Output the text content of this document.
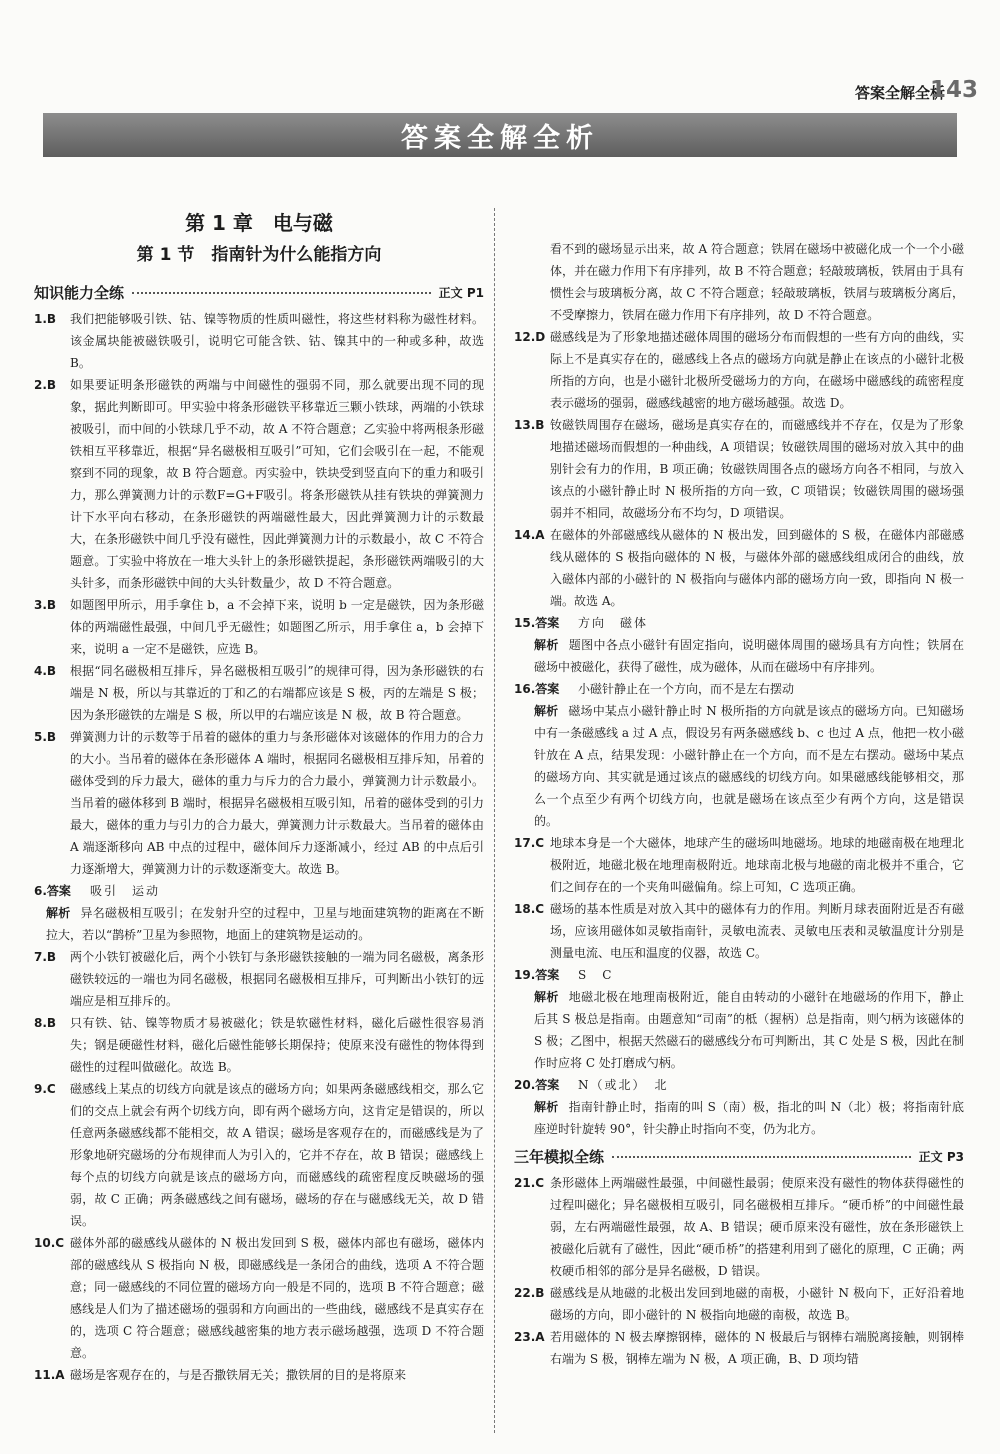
答案全解全析
143
答案全解全析
第 1 章　电与磁
第 1 节　指南针为什么能指方向
知识能力全练	正文 P1
1.B	我们把能够吸引铁、钴、镍等物质的性质叫磁性，将这些材料称为磁性材料。该金属块能被磁铁吸引，说明它可能含铁、钴、镍其中的一种或多种，故选 B。
2.B	如果要证明条形磁铁的两端与中间磁性的强弱不同，那么就要出现不同的现象，据此判断即可。甲实验中将条形磁铁平移靠近三颗小铁球，两端的小铁球被吸引，而中间的小铁球几乎不动，故 A 不符合题意；乙实验中将两根条形磁铁相互平移靠近，根据“异名磁极相互吸引”可知，它们会吸引在一起，不能观察到不同的现象，故 B 符合题意。丙实验中，铁块受到竖直向下的重力和吸引力，那么弹簧测力计的示数F=G+F吸引。将条形磁铁从挂有铁块的弹簧测力计下水平向右移动，在条形磁铁的两端磁性最大，因此弹簧测力计的示数最大，在条形磁铁中间几乎没有磁性，因此弹簧测力计的示数最小，故 C 不符合题意。丁实验中将放在一堆大头针上的条形磁铁提起，条形磁铁两端吸引的大头针多，而条形磁铁中间的大头针数量少，故 D 不符合题意。
3.B	如题图甲所示，用手拿住 b，a 不会掉下来，说明 b 一定是磁铁，因为条形磁体的两端磁性最强，中间几乎无磁性；如题图乙所示，用手拿住 a，b 会掉下来，说明 a 一定不是磁铁，应选 B。
4.B	根据“同名磁极相互排斥，异名磁极相互吸引”的规律可得，因为条形磁铁的右端是 N 极，所以与其靠近的丁和乙的右端都应该是 S 极，丙的左端是 S 极；因为条形磁铁的左端是 S 极，所以甲的右端应该是 N 极，故 B 符合题意。
5.B	弹簧测力计的示数等于吊着的磁体的重力与条形磁体对该磁体的作用力的合力的大小。当吊着的磁体在条形磁体 A 端时，根据同名磁极相互排斥知，吊着的磁体受到的斥力最大，磁体的重力与斥力的合力最小，弹簧测力计示数最小。当吊着的磁体移到 B 端时，根据异名磁极相互吸引知，吊着的磁体受到的引力最大，磁体的重力与引力的合力最大，弹簧测力计示数最大。当吊着的磁体由 A 端逐渐移向 AB 中点的过程中，磁体间斥力逐渐减小，经过 AB 的中点后引力逐渐增大，弹簧测力计的示数逐渐变大。故选 B。
6.答案	吸引　运动
解析 异名磁极相互吸引；在发射升空的过程中，卫星与地面建筑物的距离在不断拉大，若以“鹊桥”卫星为参照物，地面上的建筑物是运动的。
7.B	两个小铁钉被磁化后，两个小铁钉与条形磁铁接触的一端为同名磁极，离条形磁铁较远的一端也为同名磁极，根据同名磁极相互排斥，可判断出小铁钉的远端应是相互排斥的。
8.B	只有铁、钴、镍等物质才易被磁化；铁是软磁性材料，磁化后磁性很容易消失；钢是硬磁性材料，磁化后磁性能够长期保持；使原来没有磁性的物体得到磁性的过程叫做磁化。故选 B。
9.C	磁感线上某点的切线方向就是该点的磁场方向；如果两条磁感线相交，那么它们的交点上就会有两个切线方向，即有两个磁场方向，这肯定是错误的，所以任意两条磁感线都不能相交，故 A 错误；磁场是客观存在的，而磁感线是为了形象地研究磁场的分布规律而人为引入的，它并不存在，故 B 错误；磁感线上每个点的切线方向就是该点的磁场方向，而磁感线的疏密程度反映磁场的强弱，故 C 正确；两条磁感线之间有磁场，磁场的存在与磁感线无关，故 D 错误。
10.C 磁体外部的磁感线从磁体的 N 极出发回到 S 极，磁体内部也有磁场，磁体内部的磁感线从 S 极指向 N 极，即磁感线是一条闭合的曲线，选项 A 不符合题意；同一磁感线的不同位置的磁场方向一般是不同的，选项 B 不符合题意；磁感线是人们为了描述磁场的强弱和方向画出的一些曲线，磁感线不是真实存在的，选项 C 符合题意；磁感线越密集的地方表示磁场越强，选项 D 不符合题意。
11.A 磁场是客观存在的，与是否撒铁屑无关；撒铁屑的目的是将原来
看不到的磁场显示出来，故 A 符合题意；铁屑在磁场中被磁化成一个一个小磁体，并在磁力作用下有序排列，故 B 不符合题意；轻敲玻璃板，铁屑由于具有惯性会与玻璃板分离，故 C 不符合题意；轻敲玻璃板，铁屑与玻璃板分离后，不受摩擦力，铁屑在磁力作用下有序排列，故 D 不符合题意。
12.D 磁感线是为了形象地描述磁体周围的磁场分布而假想的一些有方向的曲线，实际上不是真实存在的，磁感线上各点的磁场方向就是静止在该点的小磁针北极所指的方向，也是小磁针北极所受磁场力的方向，在磁场中磁感线的疏密程度表示磁场的强弱，磁感线越密的地方磁场越强。故选 D。
13.B 钕磁铁周围存在磁场，磁场是真实存在的，而磁感线并不存在，仅是为了形象地描述磁场而假想的一种曲线，A 项错误；钕磁铁周围的磁场对放入其中的曲别针会有力的作用，B 项正确；钕磁铁周围各点的磁场方向各不相同，与放入该点的小磁针静止时 N 极所指的方向一致，C 项错误；钕磁铁周围的磁场强弱并不相同，故磁场分布不均匀，D 项错误。
14.A 在磁体的外部磁感线从磁体的 N 极出发，回到磁体的 S 极，在磁体内部磁感线从磁体的 S 极指向磁体的 N 极，与磁体外部的磁感线组成闭合的曲线，放入磁体内部的小磁针的 N 极指向与磁体内部的磁场方向一致，即指向 N 极一端。故选 A。
15.答案	方向　磁体
解析 题图中各点小磁针有固定指向，说明磁体周围的磁场具有方向性；铁屑在磁场中被磁化，获得了磁性，成为磁体，从而在磁场中有序排列。
16.答案	小磁针静止在一个方向，而不是左右摆动
解析 磁场中某点小磁针静止时 N 极所指的方向就是该点的磁场方向。已知磁场中有一条磁感线 a 过 A 点，假设另有两条磁感线 b、c 也过 A 点，他把一枚小磁针放在 A 点，结果发现：小磁针静止在一个方向，而不是左右摆动。磁场中某点的磁场方向、其实就是通过该点的磁感线的切线方向。如果磁感线能够相交，那么一个点至少有两个切线方向，也就是磁场在该点至少有两个方向，这是错误的。
17.C 地球本身是一个大磁体，地球产生的磁场叫地磁场。地球的地磁南极在地理北极附近，地磁北极在地理南极附近。地球南北极与地磁的南北极并不重合，它们之间存在的一个夹角叫磁偏角。综上可知，C 选项正确。
18.C 磁场的基本性质是对放入其中的磁体有力的作用。判断月球表面附近是否有磁场，应该用磁体如灵敏指南针，灵敏电流表、灵敏电压表和灵敏温度计分别是测量电流、电压和温度的仪器，故选 C。
19.答案	S　C
解析 地磁北极在地理南极附近，能自由转动的小磁针在地磁场的作用下，静止后其 S 极总是指南。由题意知“司南”的柢（握柄）总是指南，则勺柄为该磁体的 S 极；乙图中，根据天然磁石的磁感线分布可判断出，其 C 处是 S 极，因此在制作时应将 C 处打磨成勺柄。
20.答案	N（或北）　北
解析 指南针静止时，指南的叫 S（南）极，指北的叫 N（北）极；将指南针底座逆时针旋转 90°，针尖静止时指向不变，仍为北方。
三年模拟全练	正文 P3
21.C 条形磁体上两端磁性最强，中间磁性最弱；使原来没有磁性的物体获得磁性的过程叫磁化；异名磁极相互吸引，同名磁极相互排斥。“硬币桥”的中间磁性最弱，左右两端磁性最强，故 A、B 错误；硬币原来没有磁性，放在条形磁铁上被磁化后就有了磁性，因此“硬币桥”的搭建利用到了磁化的原理，C 正确；两枚硬币相邻的部分是异名磁极，D 错误。
22.B 磁感线是从地磁的北极出发回到地磁的南极，小磁针 N 极向下，正好沿着地磁场的方向，即小磁针的 N 极指向地磁的南极，故选 B。
23.A 若用磁体的 N 极去摩擦钢棒，磁体的 N 极最后与钢棒右端脱离接触，则钢棒右端为 S 极，钢棒左端为 N 极，A 项正确，B、D 项均错
